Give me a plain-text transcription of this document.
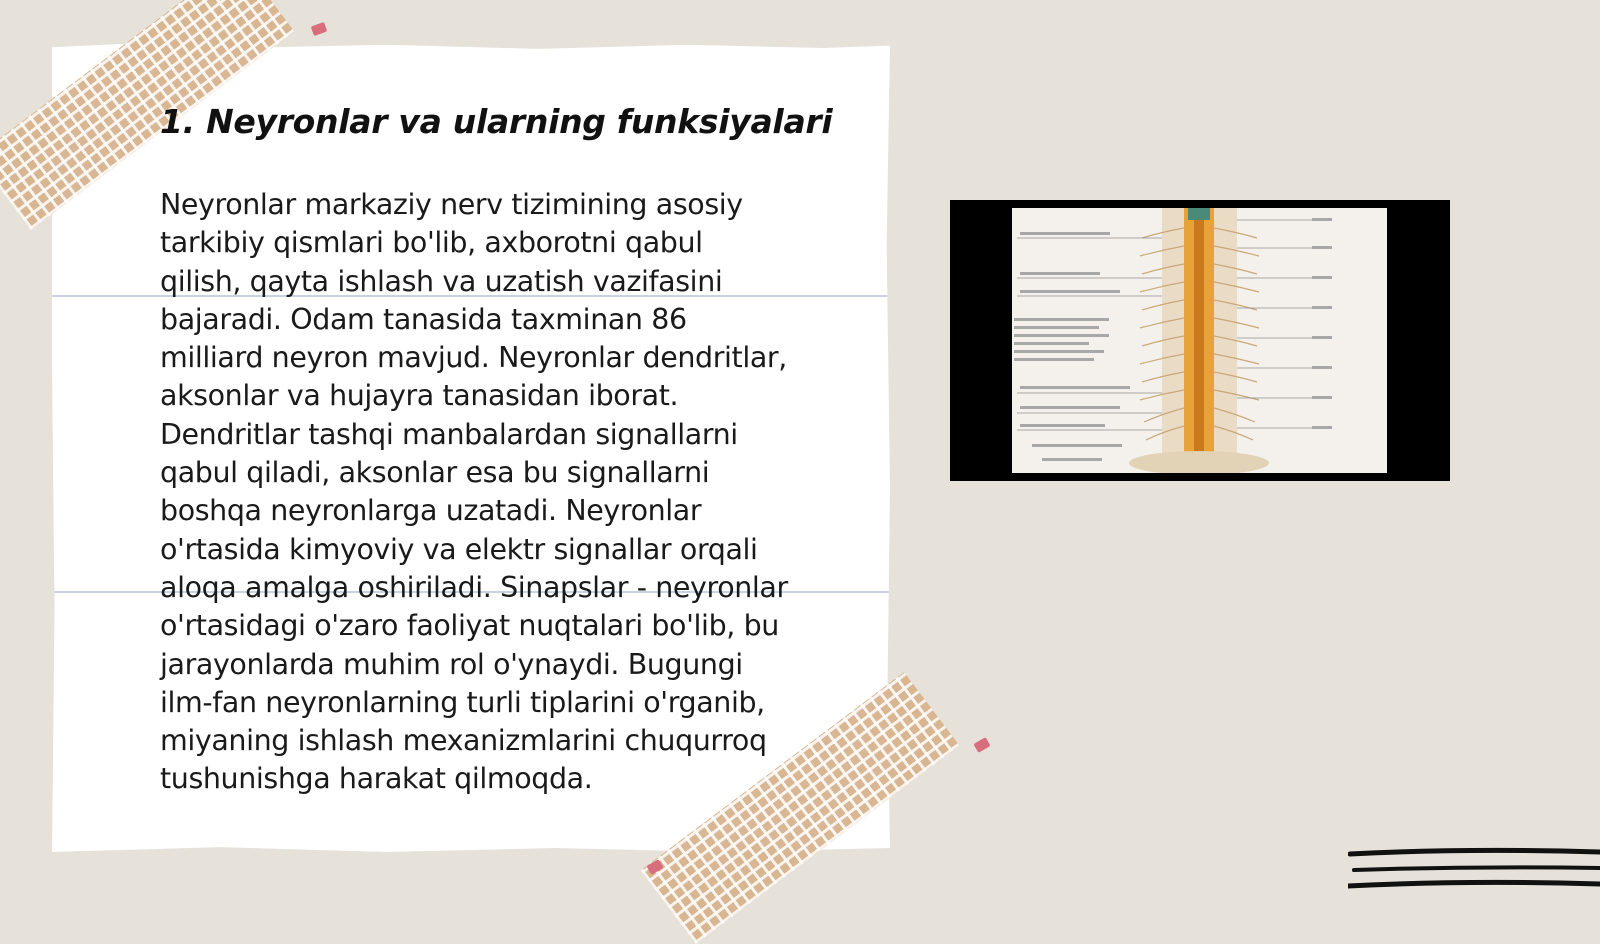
1. Neyronlar va ularning funksiyalari
Neyronlar markaziy nerv tizimining asosiy
tarkibiy qismlari bo'lib, axborotni qabul
qilish, qayta ishlash va uzatish vazifasini
bajaradi. Odam tanasida taxminan 86
milliard neyron mavjud. Neyronlar dendritlar,
aksonlar va hujayra tanasidan iborat.
Dendritlar tashqi manbalardan signallarni
qabul qiladi, aksonlar esa bu signallarni
boshqa neyronlarga uzatadi. Neyronlar
o'rtasida kimyoviy va elektr signallar orqali
aloqa amalga oshiriladi. Sinapslar - neyronlar
o'rtasidagi o'zaro faoliyat nuqtalari bo'lib, bu
jarayonlarda muhim rol o'ynaydi. Bugungi
ilm-fan neyronlarning turli tiplarini o'rganib,
miyaning ishlash mexanizmlarini chuqurroq
tushunishga harakat qilmoqda.
